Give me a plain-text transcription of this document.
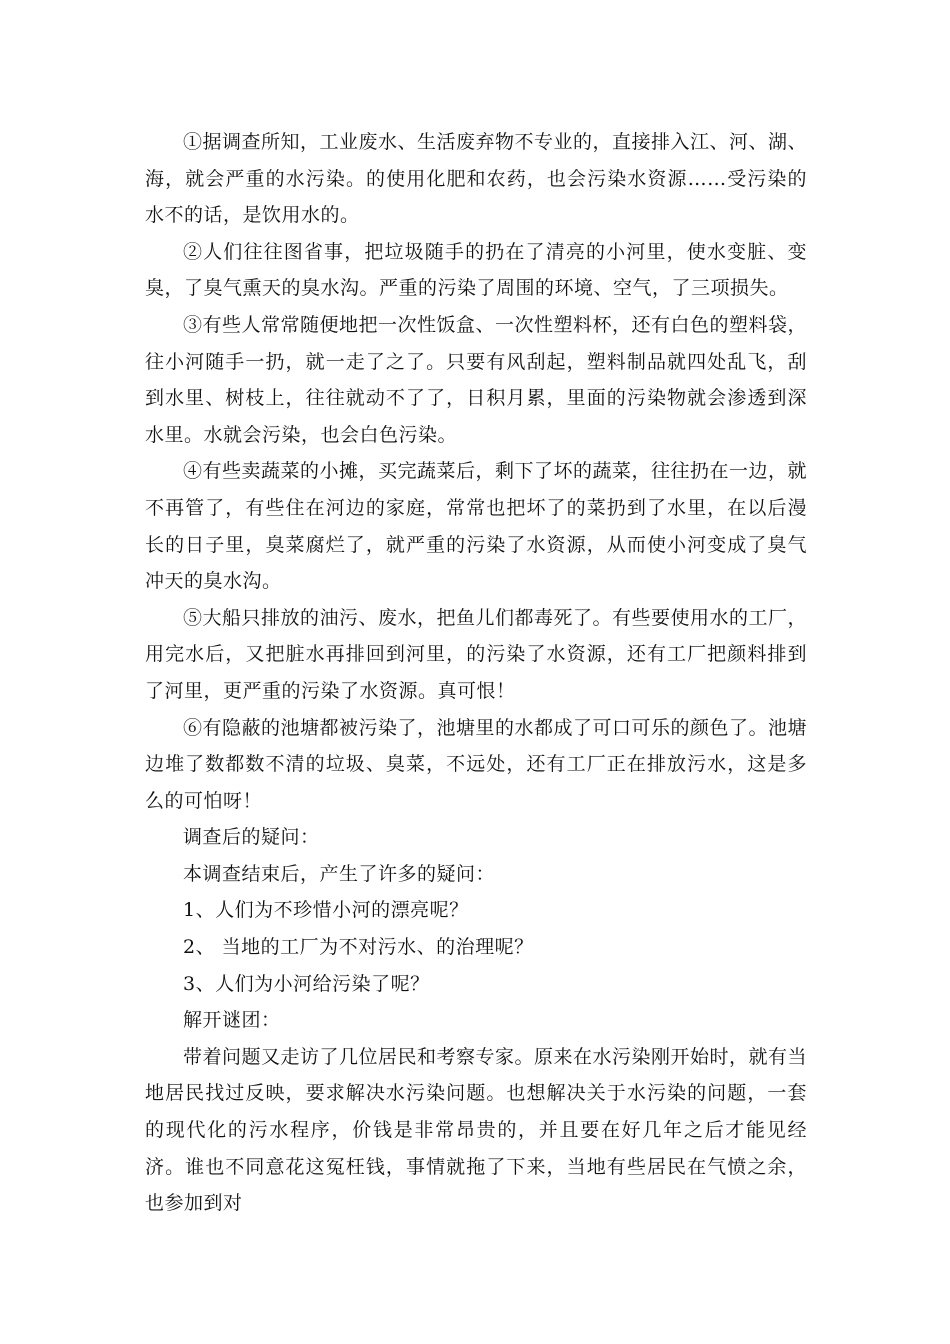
①据调查所知，工业废水、生活废弃物不专业的，直接排入江、河、湖、海，就会严重的水污染。的使用化肥和农药，也会污染水资源……受污染的水不的话，是饮用水的。

②人们往往图省事，把垃圾随手的扔在了清亮的小河里，使水变脏、变臭，了臭气熏天的臭水沟。严重的污染了周围的环境、空气，了三项损失。

③有些人常常随便地把一次性饭盒、一次性塑料杯，还有白色的塑料袋，往小河随手一扔，就一走了之了。只要有风刮起，塑料制品就四处乱飞，刮到水里、树枝上，往往就动不了了，日积月累，里面的污染物就会渗透到深水里。水就会污染，也会白色污染。

④有些卖蔬菜的小摊，买完蔬菜后，剩下了坏的蔬菜，往往扔在一边，就不再管了，有些住在河边的家庭，常常也把坏了的菜扔到了水里，在以后漫长的日子里，臭菜腐烂了，就严重的污染了水资源，从而使小河变成了臭气冲天的臭水沟。

⑤大船只排放的油污、废水，把鱼儿们都毒死了。有些要使用水的工厂，用完水后，又把脏水再排回到河里，的污染了水资源，还有工厂把颜料排到了河里，更严重的污染了水资源。真可恨！

⑥有隐蔽的池塘都被污染了，池塘里的水都成了可口可乐的颜色了。池塘边堆了数都数不清的垃圾、臭菜，不远处，还有工厂正在排放污水，这是多么的可怕呀！

调查后的疑问：

本调查结束后，产生了许多的疑问：

1、人们为不珍惜小河的漂亮呢？

2、 当地的工厂为不对污水、的治理呢？

3、人们为小河给污染了呢？

解开谜团：

带着问题又走访了几位居民和考察专家。原来在水污染刚开始时，就有当地居民找过反映，要求解决水污染问题。也想解决关于水污染的问题，一套的现代化的污水程序，价钱是非常昂贵的，并且要在好几年之后才能见经济。谁也不同意花这冤枉钱，事情就拖了下来，当地有些居民在气愤之余，也参加到对
